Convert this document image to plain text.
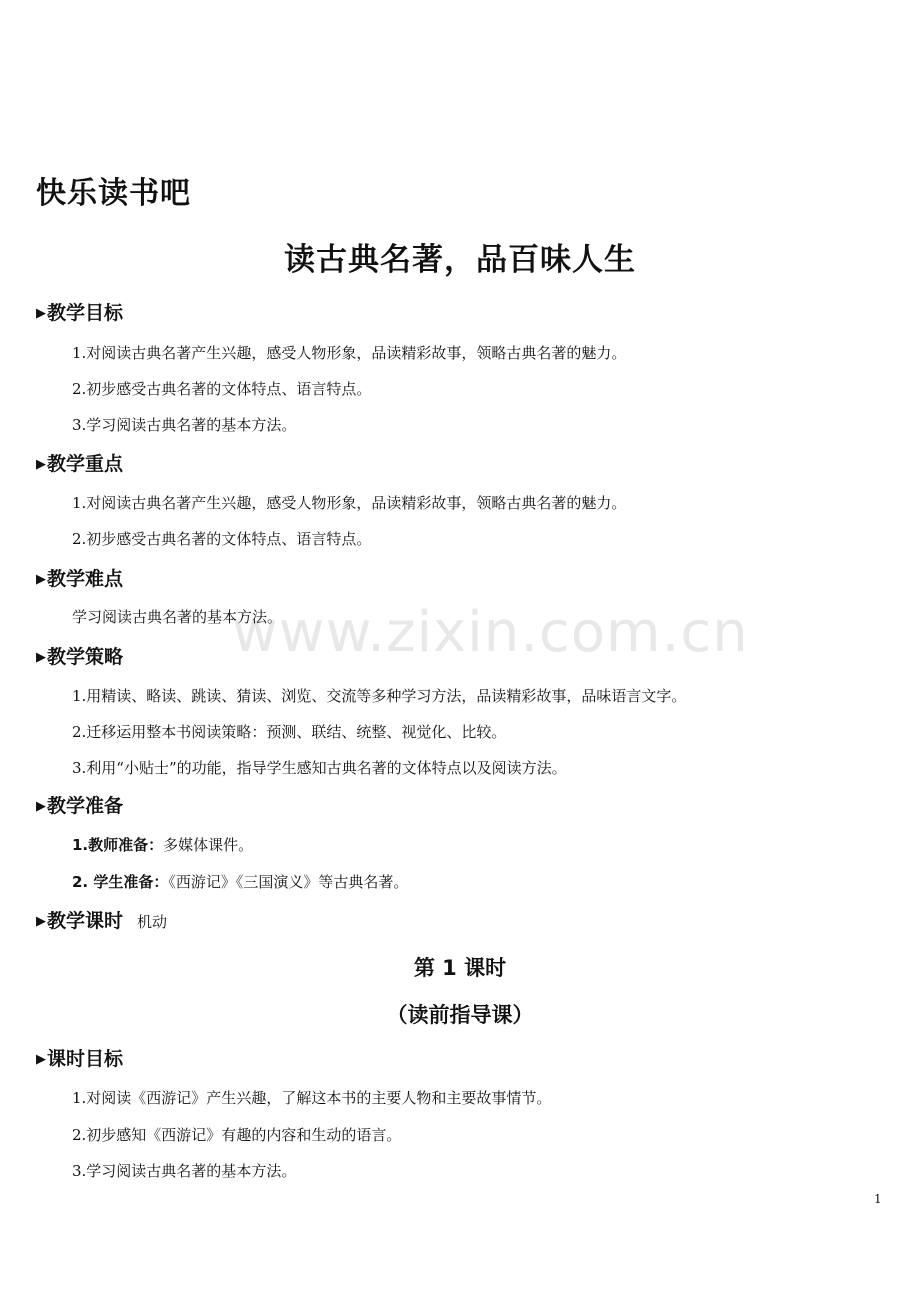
快乐读书吧
读古典名著，品百味人生
▶教学目标
1.对阅读古典名著产生兴趣，感受人物形象，品读精彩故事，领略古典名著的魅力。
2.初步感受古典名著的文体特点、语言特点。
3.学习阅读古典名著的基本方法。
▶教学重点
1.对阅读古典名著产生兴趣，感受人物形象，品读精彩故事，领略古典名著的魅力。
2.初步感受古典名著的文体特点、语言特点。
▶教学难点
学习阅读古典名著的基本方法。
▶教学策略
1.用精读、略读、跳读、猜读、浏览、交流等多种学习方法，品读精彩故事，品味语言文字。
2.迁移运用整本书阅读策略：预测、联结、统整、视觉化、比较。
3.利用“小贴士”的功能，指导学生感知古典名著的文体特点以及阅读方法。
▶教学准备
1.教师准备：多媒体课件。
2. 学生准备：《西游记》《三国演义》等古典名著。
▶教学课时 机动
第 1 课时
（读前指导课）
▶课时目标
1.对阅读《西游记》产生兴趣，了解这本书的主要人物和主要故事情节。
2.初步感知《西游记》有趣的内容和生动的语言。
3.学习阅读古典名著的基本方法。
www.zixin.com.cn
1
